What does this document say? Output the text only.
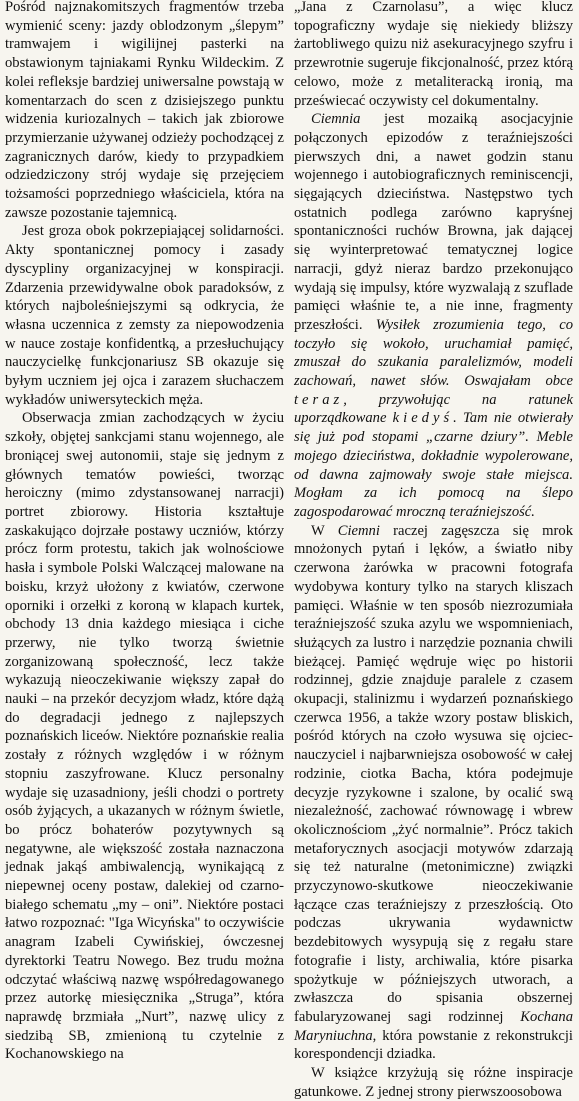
Pośród najznakomitszych fragmentów trzeba wymienić sceny: jazdy oblodzonym „ślepym” tramwajem i wigilijnej pasterki na obstawionym tajniakami Rynku Wildeckim. Z kolei refleksje bardziej uniwersalne powstają w komentarzach do scen z dzisiejszego punktu widzenia kuriozalnych – takich jak zbiorowe przymierzanie używanej odzieży pochodzącej z zagranicznych darów, kiedy to przypadkiem odziedziczony strój wydaje się przejęciem tożsamości poprzedniego właściciela, która na zawsze pozostanie tajemnicą.

Jest groza obok pokrzepiającej solidarności. Akty spontanicznej pomocy i zasady dyscypliny organizacyjnej w konspiracji. Zdarzenia przewidywalne obok paradoksów, z których najboleśniejszymi są odkrycia, że własna uczennica z zemsty za niepowodzenia w nauce zostaje konfidentką, a przesłuchujący nauczycielkę funkcjonariusz SB okazuje się byłym uczniem jej ojca i zarazem słuchaczem wykładów uniwersyteckich męża.

Obserwacja zmian zachodzących w życiu szkoły, objętej sankcjami stanu wojennego, ale broniącej swej autonomii, staje się jednym z głównych tematów powieści, tworząc heroiczny (mimo zdystansowanej narracji) portret zbiorowy. Historia kształtuje zaskakująco dojrzałe postawy uczniów, którzy prócz form protestu, takich jak wolnościowe hasła i symbole Polski Walczącej malowane na boisku, krzyż ułożony z kwiatów, czerwone oporniki i orzełki z koroną w klapach kurtek, obchody 13 dnia każdego miesiąca i ciche przerwy, nie tylko tworzą świetnie zorganizowaną społeczność, lecz także wykazują nieoczekiwanie większy zapał do nauki – na przekór decyzjom władz, które dążą do degradacji jednego z najlepszych poznańskich liceów. Niektóre poznańskie realia zostały z różnych względów i w różnym stopniu zaszyfrowane. Klucz personalny wydaje się uzasadniony, jeśli chodzi o portrety osób żyjących, a ukazanych w różnym świetle, bo prócz bohaterów pozytywnych są negatywne, ale większość została naznaczona jednak jakąś ambiwalencją, wynikającą z niepewnej oceny postaw, dalekiej od czarno-białego schematu „my – oni”. Niektóre postaci łatwo rozpoznać: "Iga Wicyńska" to oczywiście anagram Izabeli Cywińskiej, ówczesnej dyrektorki Teatru Nowego. Bez trudu można odczytać właściwą nazwę współredagowanego przez autorkę miesięcznika „Struga”, która naprawdę brzmiała „Nurt”, nazwę ulicy z siedzibą SB, zmienioną tu czytelnie z Kochanowskiego na

„Jana z Czarnolasu”, a więc klucz topograficzny wydaje się niekiedy bliższy żartobliwego quizu niż asekuracyjnego szyfru i przewrotnie sugeruje fikcjonalność, przez którą celowo, może z metaliteracką ironią, ma przeświecać oczywisty cel dokumentalny.

Ciemnia jest mozaiką asocjacyjnie połączonych epizodów z teraźniejszości pierwszych dni, a nawet godzin stanu wojennego i autobiograficznych reminiscencji, sięgających dzieciństwa. Następstwo tych ostatnich podlega zarówno kapryśnej spontaniczności ruchów Browna, jak dającej się wyinterpretować tematycznej logice narracji, gdyż nieraz bardzo przekonująco wydają się impulsy, które wyzwalają z szuflade pamięci właśnie te, a nie inne, fragmenty przeszłości. Wysiłek zrozumienia tego, co toczyło się wokoło, uruchamiał pamięć, zmuszał do szukania paralelizmów, modeli zachowań, nawet słów. Oswajałam obce teraz, przywołując na ratunek uporządkowane kiedyś. Tam nie otwierały się już pod stopami „czarne dziury”. Meble mojego dzieciństwa, dokładnie wypolerowane, od dawna zajmowały swoje stałe miejsca. Mogłam za ich pomocą na ślepo zagospodarować mroczną teraźniejszość.

W Ciemni raczej zagęszcza się mrok mnożonych pytań i lęków, a światło niby czerwona żarówka w pracowni fotografa wydobywa kontury tylko na starych kliszach pamięci. Właśnie w ten sposób niezrozumiała teraźniejszość szuka azylu we wspomnieniach, służących za lustro i narzędzie poznania chwili bieżącej. Pamięć wędruje więc po historii rodzinnej, gdzie znajduje paralele z czasem okupacji, stalinizmu i wydarzeń poznańskiego czerwca 1956, a także wzory postaw bliskich, pośród których na czoło wysuwa się ojciec-nauczyciel i najbarwniejsza osobowość w całej rodzinie, ciotka Bacha, która podejmuje decyzje ryzykowne i szalone, by ocalić swą niezależność, zachować równowagę i wbrew okolicznościom „żyć normalnie”. Prócz takich metaforycznych asocjacji motywów zdarzają się też naturalne (metonimiczne) związki przyczynowo-skutkowe nieoczekiwanie łączące czas teraźniejszy z przeszłością. Oto podczas ukrywania wydawnictw bezdebitowych wysypują się z regału stare fotografie i listy, archiwalia, które pisarka spożytkuje w późniejszych utworach, a zwłaszcza do spisania obszernej fabularyzowanej sagi rodzinnej Kochana Maryniuchna, która powstanie z rekonstrukcji korespondencji dziadka.

W książce krzyżują się różne inspiracje gatunkowe. Z jednej strony pierwszoosobowa
